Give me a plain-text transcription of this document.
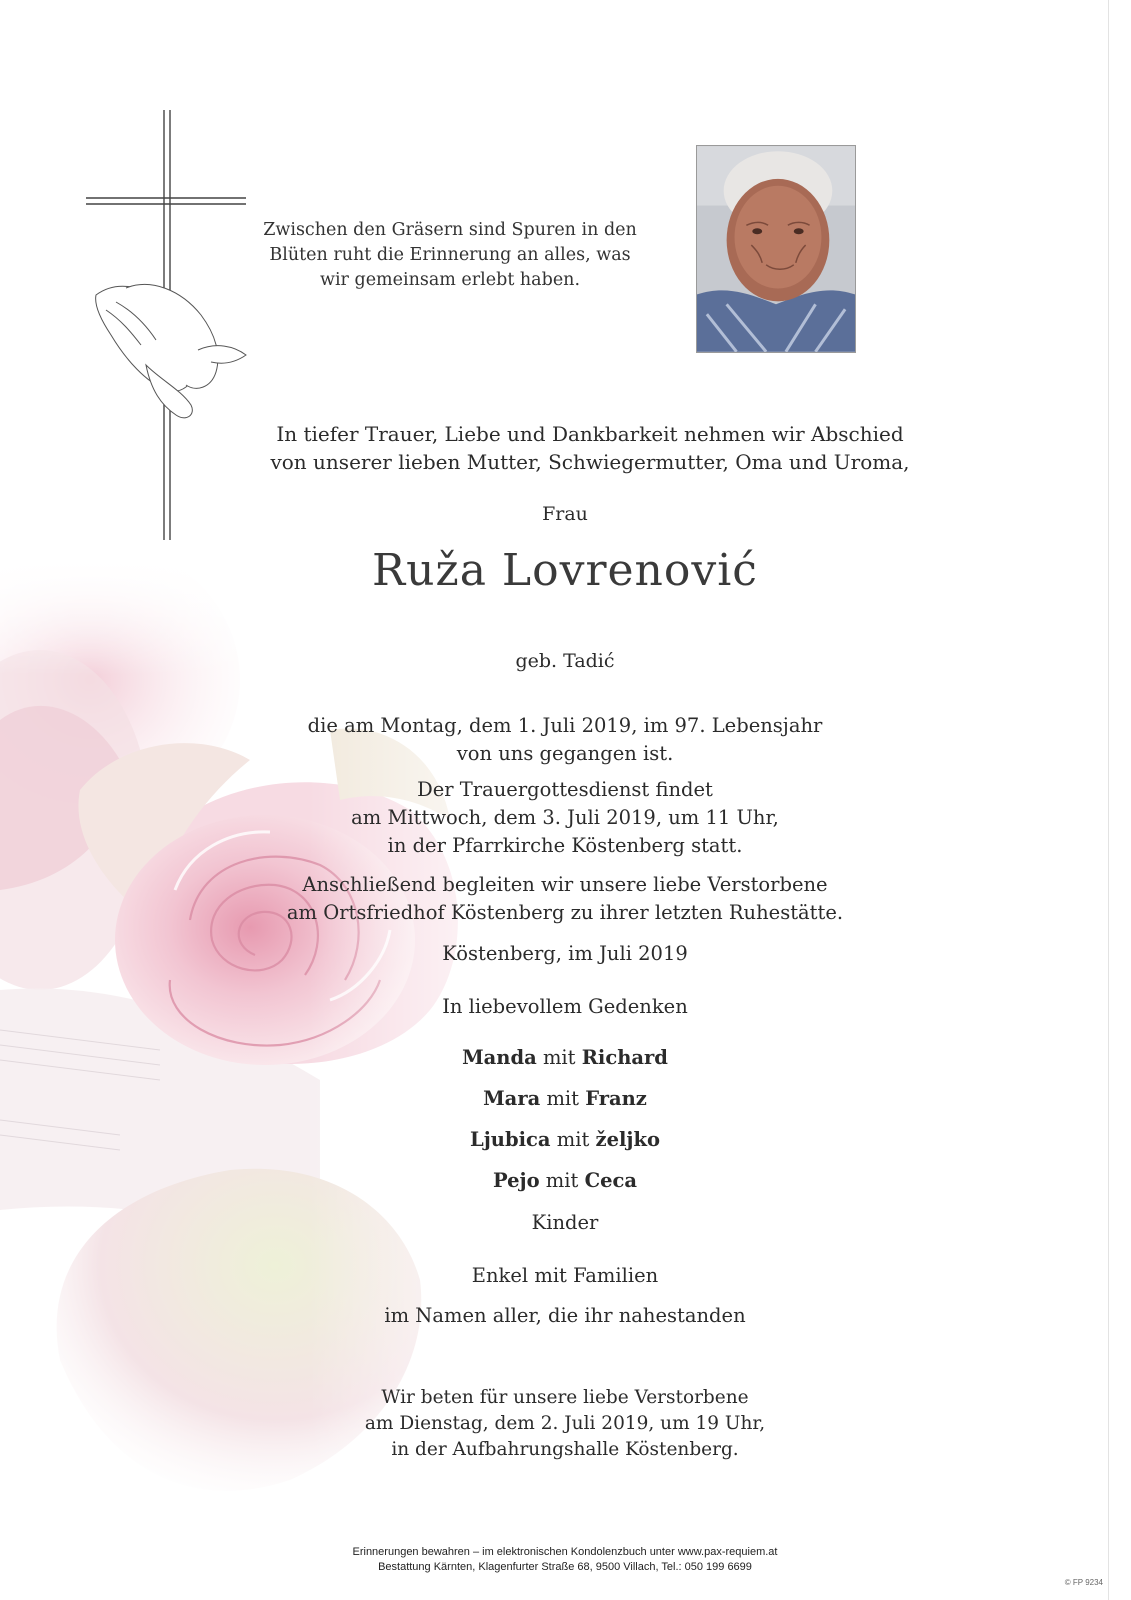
Zwischen den Gräsern sind Spuren in den
Blüten ruht die Erinnerung an alles, was
wir gemeinsam erlebt haben.
In tiefer Trauer, Liebe und Dankbarkeit nehmen wir Abschied
von unserer lieben Mutter, Schwiegermutter, Oma und Uroma,
Frau
Ruža Lovrenović
geb. Tadić
die am Montag, dem 1. Juli 2019, im 97. Lebensjahr
von uns gegangen ist.
Der Trauergottesdienst findet
am Mittwoch, dem 3. Juli 2019, um 11 Uhr,
in der Pfarrkirche Köstenberg statt.
Anschließend begleiten wir unsere liebe Verstorbene
am Ortsfriedhof Köstenberg zu ihrer letzten Ruhestätte.
Köstenberg, im Juli 2019
In liebevollem Gedenken
Manda mit Richard
Mara mit Franz
Ljubica mit željko
Pejo mit Ceca
Kinder
Enkel mit Familien
im Namen aller, die ihr nahestanden
Wir beten für unsere liebe Verstorbene
am Dienstag, dem 2. Juli 2019, um 19 Uhr,
in der Aufbahrungshalle Köstenberg.
Erinnerungen bewahren – im elektronischen Kondolenzbuch unter www.pax-requiem.at
Bestattung Kärnten, Klagenfurter Straße 68, 9500 Villach, Tel.: 050 199 6699
© FP 9234
